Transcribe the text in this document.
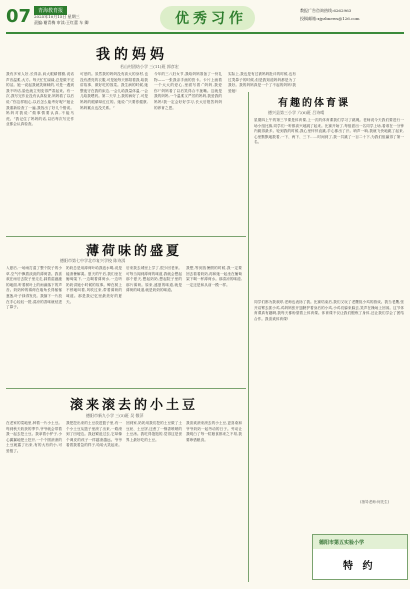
07	青海教育报
2025年10月15日 星期三
责编:谢青梅 审读:王红蕾 车 卿	优秀习作
教报广告咨询热线:6262963
投稿邮箱:xjyzbnews@126.com
我的妈妈
若山村团结小学 三(11)班 郭彦宏
我有多家人好,长得亲,肩大眼睛圆额,说话声音温柔,大方。每天忙忙碌碌,总是做不完的活。她一说起我就笑眯眯的,可是一遇到我不听话,脸色就立刻变得严肃起来。有一次,我写完作业没有认真检查,妈妈看了以后说:“你这样粗心,以后怎么能考好呢?”她让我重新检查了一遍,我找出了好几个错误。妈妈对我说:“做事情要认真,不能马虎。”我记住了妈妈的话,以后每次写完作业都会认真检查。
可爱的。虽然我的妈妈没有高大的身材,也没有漂亮的衣服,可是她每天都陪着我,给我讲故事、做好吃的饭菜。我生病的时候,她整夜守在我的床边,一会儿给我量体温,一会儿给我喂药。第二天早上,我的病好了,可是妈妈的眼睛却红红的。她说:“只要你健康,妈妈累点也没关系。”
今年的三八妇女节,我给妈妈准备了一份礼物——一张我亲手画的贺卡。卡片上画着一个大大的爱心,里面写着:“妈妈,我爱你!”妈妈看了以后笑得合不拢嘴。这就是我的妈妈,一个温柔又严厉的妈妈,我爱我的妈妈!我一定会好好学习,长大后报答妈妈的养育之恩。
实际上,我也是有过被妈妈批评的时候,也有过哭鼻子的时候,但是我知道妈妈都是为了我好。我的妈妈真是一个了不起的妈妈!我爱她!
薄荷味的盛夏
德阳市第七中学北市复兴学校 陈诗淇
入夏后,一场雨打湿了整个院子的小草,空气中飘着淡淡的薄荷香。我喜欢在雨后去院子里走走,踩着湿漉漉的地面,听着树叶上的雨滴落下的声音。奶奶种的薄荷在墙角长得郁郁葱葱,叶子绿得发亮。我摘下一片放在手心轻轻一搓,清凉的香味就钻进了鼻子。
奶奶总是用薄荷叶给我泡水喝,说是能消暑解渴。夏天的午后,我们坐在葡萄架下,一边喝着薄荷水,一边听奶奶讲她小时候的故事。蝉在树上不停地叫着,风吹过来,带着薄荷的味道。那是我记忆里最美好的夏天。
后来我去城里上学了,很少回老家。可每当闻到薄荷的味道,我就会想起那个夏天,想起奶奶,想起院子里的那片薄荷。原来,盛夏的味道,就是薄荷的味道,就是奶奶的味道。
我想,等到放暑假的时候,我一定要回去看看奶奶,再和她一起坐在葡萄架下喝一杯薄荷水。那清凉的味道,一定还是和从前一模一样。
滚来滚去的小土豆
德阳市新九小学 三(5)班 吴 敬萍
在老家的菜地里,种着一片小土豆。每到秋天收获的季节,爷爷就会带着我一起去挖土豆。我拿着小铲子,小心翼翼地把土挖开,一个个圆滚滚的土豆就露了出来,有的大有的小,可爱极了。
我把挖出来的土豆放进篮子里,有一个小土豆从篮子里滚了出来,一路滚到了田埂边。我赶紧追过去,它却像个调皮的孩子一样越滚越远。爷爷看着我着急的样子,哈哈大笑起来。
回到家,奶奶用我们挖的土豆做了土豆丝、土豆饼,还煮了一锅香喷喷的土豆汤。我吃得饱饱的,觉得这是世界上最好吃的土豆。
我喜欢滚来滚去的小土豆,更喜欢和爷爷奶奶一起劳动的日子。劳动让我明白了每一粒粮食都来之不易,我要珍惜粮食。
有趣的体育课
德兴县第三小学 六(6)班 吕诗晴
星期四上午的第三节课是体育课,上一次的体育课我们学习了跳绳。老师说今天我们要进行一场小组比赛,同学们一听都高兴地跳了起来。比赛开始了,每组派出一名同学上场,看谁在一分钟内跳得最多。轮到我的时候,我心里怦怦直跳,手心都出了汗。哨声一响,我就飞快地跳了起来,心里默默地数着,一下、两下、三下……时间到了,我一共跳了一百二十下,为我们组赢得了第一名。
同学们都为我欢呼,老师也表扬了我。比赛结束后,我们又玩了老鹰捉小鸡的游戏。我当老鹰,张开双臂去抓小鸡,鸡妈妈张开翅膀护着身后的小鸡,小鸡们躲来躲去,笑声在操场上回荡。这节体育课真有趣啊,我每天都盼望着上体育课。体育课不仅让我们锻炼了身体,还让我们学会了团结合作。我喜欢体育课!
(指导老师:何先生)
德阳市第五实验小学
特 约
